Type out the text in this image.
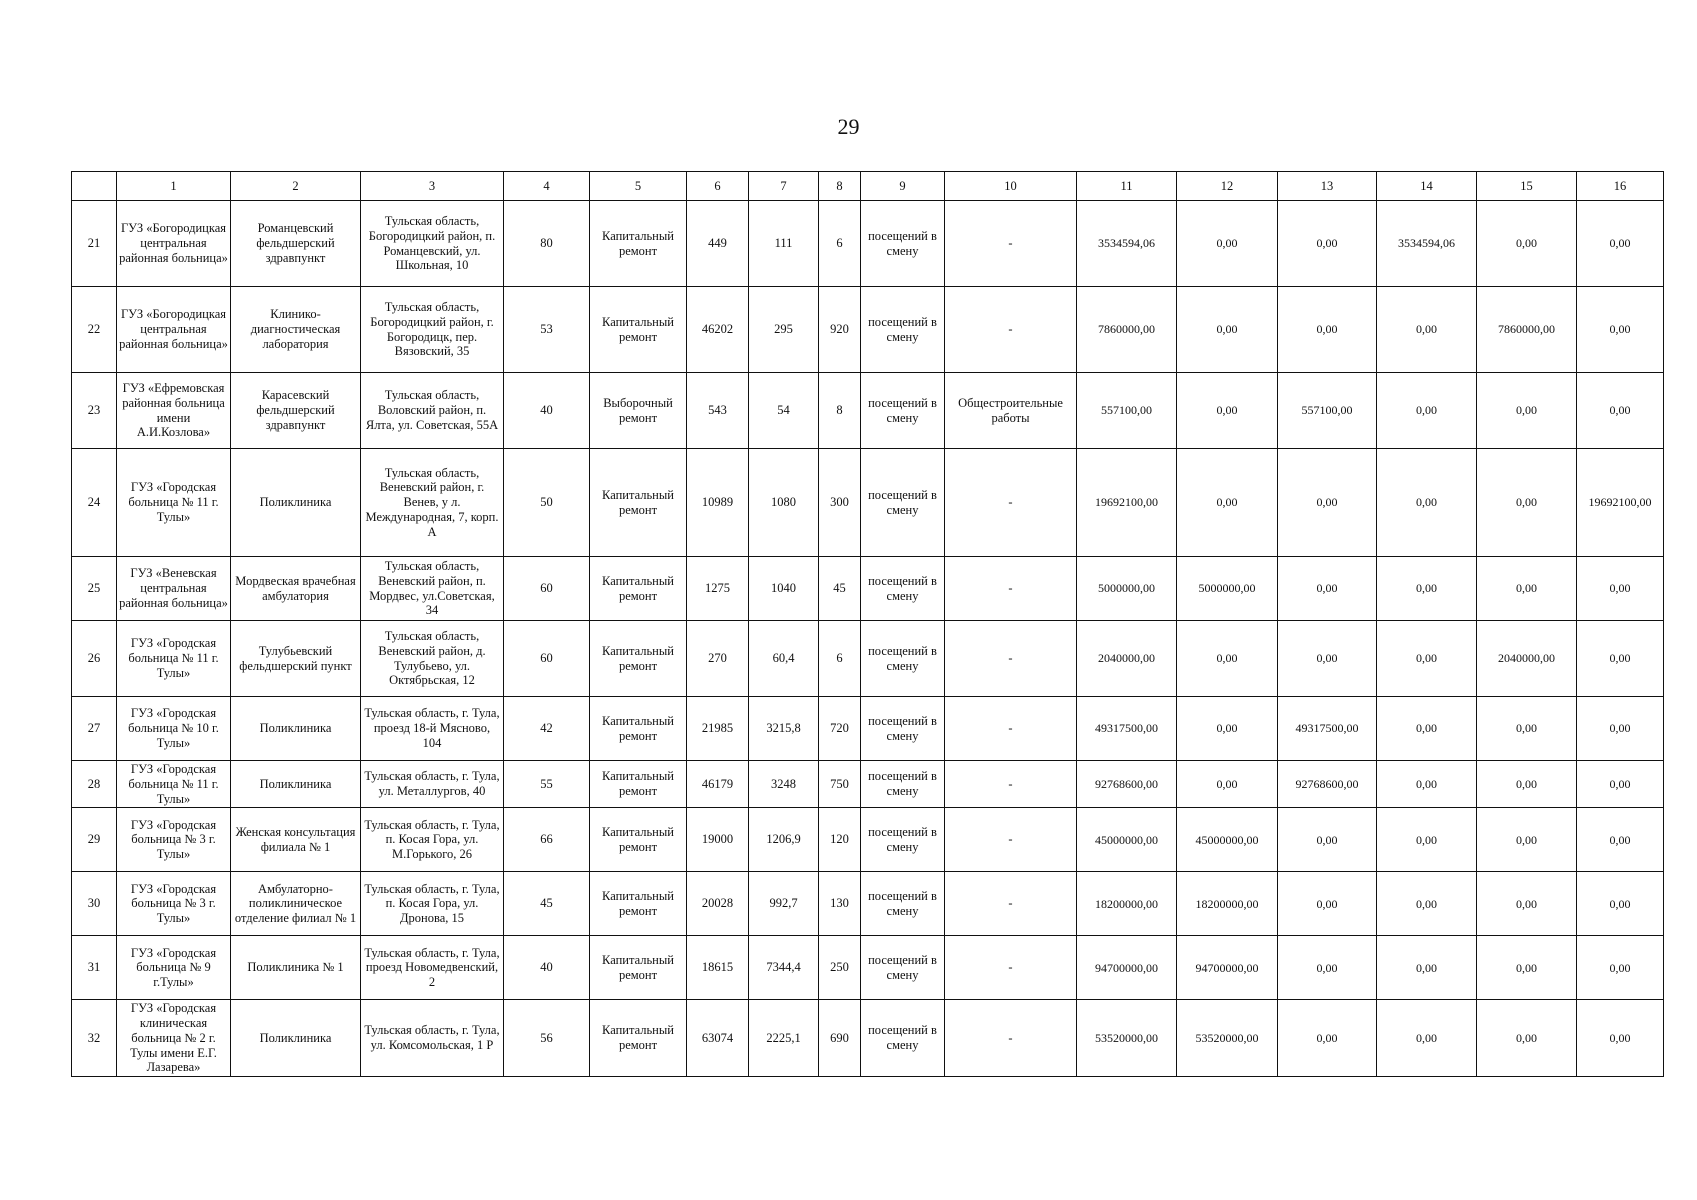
29
	1	2	3	4	5	6	7	8	9	10	11	12	13	14	15	16
21	ГУЗ «Богородицкая центральная районная больница»	Романцевский фельдшерский здравпункт	Тульская область, Богородицкий район, п. Романцевский, ул. Школьная, 10	80	Капитальный ремонт	449	111	6	посещений в смену	-	3534594,06	0,00	0,00	3534594,06	0,00	0,00
22	ГУЗ «Богородицкая центральная районная больница»	Клинико-диагностическая лаборатория	Тульская область, Богородицкий район, г. Богородицк, пер. Вязовский, 35	53	Капитальный ремонт	46202	295	920	посещений в смену	-	7860000,00	0,00	0,00	0,00	7860000,00	0,00
23	ГУЗ «Ефремовская районная больница имени А.И.Козлова»	Карасевский фельдшерский здравпункт	Тульская область, Воловский район, п. Ялта, ул. Советская, 55А	40	Выборочный ремонт	543	54	8	посещений в смену	Общестроительные работы	557100,00	0,00	557100,00	0,00	0,00	0,00
24	ГУЗ «Городская больница № 11 г. Тулы»	Поликлиника	Тульская область, Веневский район, г. Венев, у л. Международная, 7, корп. А	50	Капитальный ремонт	10989	1080	300	посещений в смену	-	19692100,00	0,00	0,00	0,00	0,00	19692100,00
25	ГУЗ «Веневская центральная районная больница»	Мордвеская врачебная амбулатория	Тульская область, Веневский район, п. Мордвес, ул.Советская, 34	60	Капитальный ремонт	1275	1040	45	посещений в смену	-	5000000,00	5000000,00	0,00	0,00	0,00	0,00
26	ГУЗ «Городская больница № 11 г. Тулы»	Тулубьевский фельдшерский пункт	Тульская область, Веневский район, д. Тулубьево, ул. Октябрьская, 12	60	Капитальный ремонт	270	60,4	6	посещений в смену	-	2040000,00	0,00	0,00	0,00	2040000,00	0,00
27	ГУЗ «Городская больница № 10 г. Тулы»	Поликлиника	Тульская область, г. Тула, проезд 18-й Мясново, 104	42	Капитальный ремонт	21985	3215,8	720	посещений в смену	-	49317500,00	0,00	49317500,00	0,00	0,00	0,00
28	ГУЗ «Городская больница № 11 г. Тулы»	Поликлиника	Тульская область, г. Тула, ул. Металлургов, 40	55	Капитальный ремонт	46179	3248	750	посещений в смену	-	92768600,00	0,00	92768600,00	0,00	0,00	0,00
29	ГУЗ «Городская больница № 3 г. Тулы»	Женская консультация филиала № 1	Тульская область, г. Тула, п. Косая Гора, ул. М.Горького, 26	66	Капитальный ремонт	19000	1206,9	120	посещений в смену	-	45000000,00	45000000,00	0,00	0,00	0,00	0,00
30	ГУЗ «Городская больница № 3 г. Тулы»	Амбулаторно-поликлиническое отделение филиал № 1	Тульская область, г. Тула, п. Косая Гора, ул. Дронова, 15	45	Капитальный ремонт	20028	992,7	130	посещений в смену	-	18200000,00	18200000,00	0,00	0,00	0,00	0,00
31	ГУЗ «Городская больница № 9 г.Тулы»	Поликлиника № 1	Тульская область, г. Тула, проезд Новомедвенский, 2	40	Капитальный ремонт	18615	7344,4	250	посещений в смену	-	94700000,00	94700000,00	0,00	0,00	0,00	0,00
32	ГУЗ «Городская клиническая больница № 2 г. Тулы имени Е.Г. Лазарева»	Поликлиника	Тульская область, г. Тула, ул. Комсомольская, 1 Р	56	Капитальный ремонт	63074	2225,1	690	посещений в смену	-	53520000,00	53520000,00	0,00	0,00	0,00	0,00
